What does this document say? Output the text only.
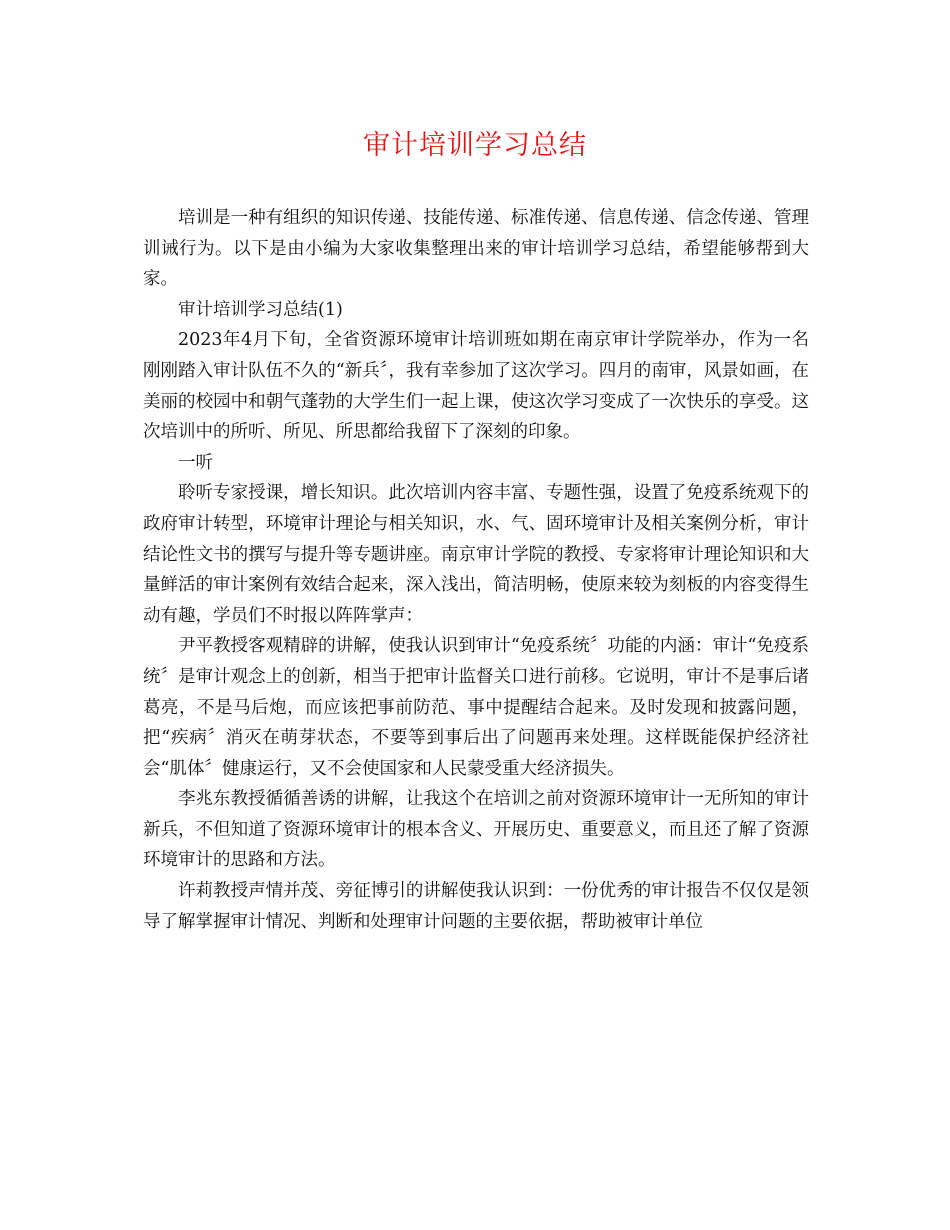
审计培训学习总结

培训是一种有组织的知识传递、技能传递、标准传递、信息传递、信念传递、管理训诫行为。以下是由小编为大家收集整理出来的审计培训学习总结，希望能够帮到大家。

审计培训学习总结(1)

2023年4月下旬，全省资源环境审计培训班如期在南京审计学院举办，作为一名刚刚踏入审计队伍不久的“新兵〞，我有幸参加了这次学习。四月的南审，风景如画，在美丽的校园中和朝气蓬勃的大学生们一起上课，使这次学习变成了一次快乐的享受。这次培训中的所听、所见、所思都给我留下了深刻的印象。

一听

聆听专家授课，增长知识。此次培训内容丰富、专题性强，设置了免疫系统观下的政府审计转型，环境审计理论与相关知识，水、气、固环境审计及相关案例分析，审计结论性文书的撰写与提升等专题讲座。南京审计学院的教授、专家将审计理论知识和大量鲜活的审计案例有效结合起来，深入浅出，简洁明畅，使原来较为刻板的内容变得生动有趣，学员们不时报以阵阵掌声：

尹平教授客观精辟的讲解，使我认识到审计“免疫系统〞功能的内涵：审计“免疫系统〞是审计观念上的创新，相当于把审计监督关口进行前移。它说明，审计不是事后诸葛亮，不是马后炮，而应该把事前防范、事中提醒结合起来。及时发现和披露问题，把“疾病〞消灭在萌芽状态，不要等到事后出了问题再来处理。这样既能保护经济社会“肌体〞健康运行，又不会使国家和人民蒙受重大经济损失。

李兆东教授循循善诱的讲解，让我这个在培训之前对资源环境审计一无所知的审计新兵，不但知道了资源环境审计的根本含义、开展历史、重要意义，而且还了解了资源环境审计的思路和方法。

许莉教授声情并茂、旁征博引的讲解使我认识到：一份优秀的审计报告不仅仅是领导了解掌握审计情况、判断和处理审计问题的主要依据，帮助被审计单位
